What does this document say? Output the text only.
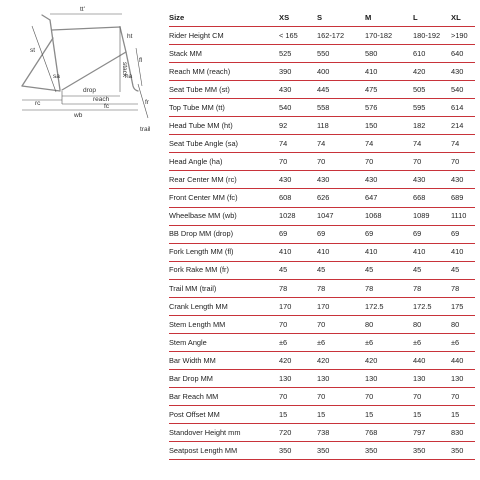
tt'
st
ht
stack
sa
drop
reach
ha
fl
rc	fc
wb
fr
trail
Size	XS	S	M	L	XL
Rider Height CM	< 165	162-172	170-182	180-192	>190
Stack MM	525	550	580	610	640
Reach MM (reach)	390	400	410	420	430
Seat Tube MM (st)	430	445	475	505	540
Top Tube MM (tt)	540	558	576	595	614
Head Tube MM (ht)	92	118	150	182	214
Seat Tube Angle (sa)	74	74	74	74	74
Head Angle (ha)	70	70	70	70	70
Rear Center MM (rc)	430	430	430	430	430
Front Center MM (fc)	608	626	647	668	689
Wheelbase MM (wb)	1028	1047	1068	1089	1110
BB Drop MM (drop)	69	69	69	69	69
Fork Length MM (fl)	410	410	410	410	410
Fork Rake MM (fr)	45	45	45	45	45
Trail MM (trail)	78	78	78	78	78
Crank Length MM	170	170	172.5	172.5	175
Stem Length MM	70	70	80	80	80
Stem Angle	±6	±6	±6	±6	±6
Bar Width MM	420	420	420	440	440
Bar Drop MM	130	130	130	130	130
Bar Reach MM	70	70	70	70	70
Post Offset MM	15	15	15	15	15
Standover Height mm	720	738	768	797	830
Seatpost Length MM	350	350	350	350	350
